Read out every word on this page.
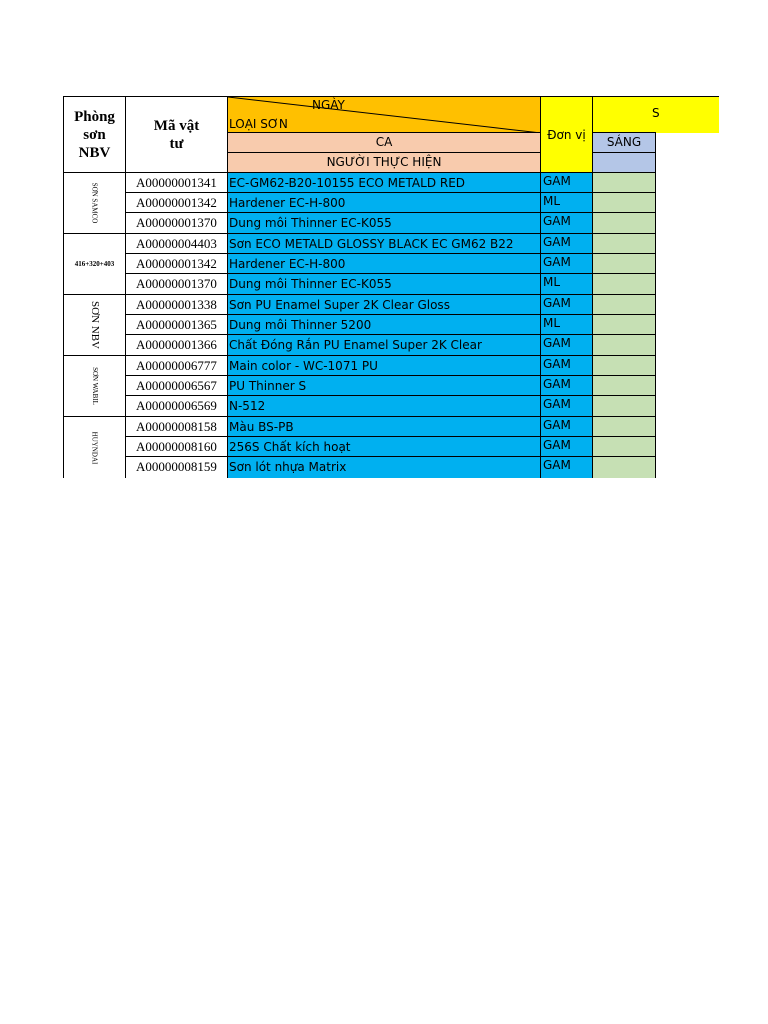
Phòng sơn NBV
Mã vật tư
NGÀY
LOẠI SƠN
CA
NGƯỜI THỰC HIỆN
Đơn vị
S
SÁNG
SƠN SAMCO
A00000001341	EC-GM62-B20-10155 ECO METALD RED	GAM
A00000001342	Hardener EC-H-800	ML
A00000001370	Dung môi Thinner EC-K055	GAM
416+320+403
A00000004403	Sơn ECO METALD GLOSSY BLACK EC GM62 B22	GAM
A00000001342	Hardener EC-H-800	GAM
A00000001370	Dung môi Thinner EC-K055	ML
SƠN NBV	A00000001338	Sơn PU Enamel Super 2K Clear Gloss	GAM
A00000001365	Dung môi Thinner 5200	ML
A00000001366	Chất Đóng Rắn PU Enamel Super 2K Clear	GAM
SƠN WABIL
A00000006777	Main color - WC-1071 PU	GAM
A00000006567	PU Thinner S	GAM
A00000006569	N-512	GAM
HUYNDAI
A00000008158	Màu BS-PB	GAM
A00000008160	256S Chất kích hoạt	GAM
A00000008159	Sơn lót nhựa Matrix	GAM
